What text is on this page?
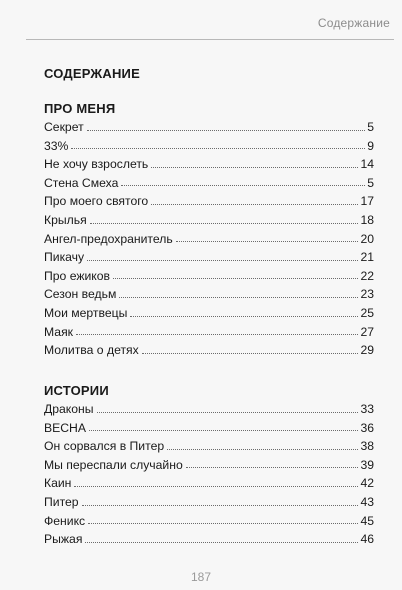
Содержание
СОДЕРЖАНИЕ
ПРО МЕНЯ
Секрет	5
33%	9
Не хочу взрослеть	14
Стена Смеха	5
Про моего святого	17
Крылья	18
Ангел-предохранитель	20
Пикачу	21
Про ежиков	22
Сезон ведьм	23
Мои мертвецы	25
Маяк	27
Молитва о детях	29
ИСТОРИИ
Драконы	33
ВЕСНА	36
Он сорвался в Питер	38
Мы переспали случайно	39
Каин	42
Питер	43
Феникс	45
Рыжая	46
187
